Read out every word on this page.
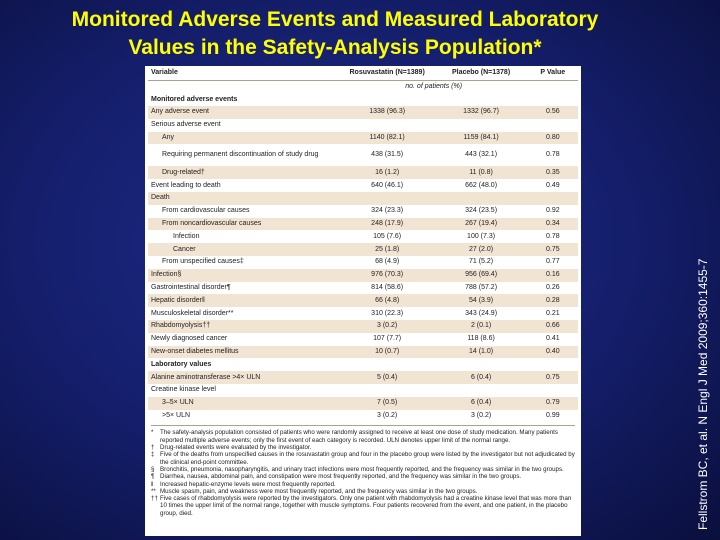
Monitored Adverse Events and Measured Laboratory
Values in the Safety-Analysis Population*
Variable	Rosuvastatin (N=1389)	Placebo (N=1378)	P Value
	no. of patients (%)		
Monitored adverse events			
Any adverse event	1338 (96.3)	1332 (96.7)	0.56
Serious adverse event			
Any	1140 (82.1)	1159 (84.1)	0.80
Requiring permanent discontinuation of study drug	438 (31.5)	443 (32.1)	0.78
Drug-related†	16 (1.2)	11 (0.8)	0.35
Event leading to death	640 (46.1)	662 (48.0)	0.49
Death			
From cardiovascular causes	324 (23.3)	324 (23.5)	0.92
From noncardiovascular causes	248 (17.9)	267 (19.4)	0.34
Infection	105 (7.6)	100 (7.3)	0.78
Cancer	25 (1.8)	27 (2.0)	0.75
From unspecified causes‡	68 (4.9)	71 (5.2)	0.77
Infection§	976 (70.3)	956 (69.4)	0.16
Gastrointestinal disorder¶	814 (58.6)	788 (57.2)	0.26
Hepatic disorder‖	66 (4.8)	54 (3.9)	0.28
Musculoskeletal disorder**	310 (22.3)	343 (24.9)	0.21
Rhabdomyolysis††	3 (0.2)	2 (0.1)	0.66
Newly diagnosed cancer	107 (7.7)	118 (8.6)	0.41
New-onset diabetes mellitus	10 (0.7)	14 (1.0)	0.40
Laboratory values			
Alanine aminotransferase >4× ULN	5 (0.4)	6 (0.4)	0.75
Creatine kinase level			
3–5× ULN	7 (0.5)	6 (0.4)	0.79
>5× ULN	3 (0.2)	3 (0.2)	0.99
*	The safety-analysis population consisted of patients who were randomly assigned to receive at least one dose of study medication. Many patients reported multiple adverse events; only the first event of each category is recorded. ULN denotes upper limit of the normal range.
† Drug-related events were evaluated by the investigator.
‡ Five of the deaths from unspecified causes in the rosuvastatin group and four in the placebo group were listed by the investigator but not adjudicated by the clinical end-point committee.
§ Bronchitis, pneumonia, nasopharyngitis, and urinary tract infections were most frequently reported, and the frequency was similar in the two groups.
¶ Diarrhea, nausea, abdominal pain, and constipation were most frequently reported, and the frequency was similar in the two groups.
‖	Increased hepatic-enzyme levels were most frequently reported.
** Muscle spasm, pain, and weakness were most frequently reported, and the frequency was similar in the two groups.
†† Five cases of rhabdomyolysis were reported by the investigators. Only one patient with rhabdomyolysis had a creatine kinase level that was more than 10 times the upper limit of the normal range, together with muscle symptoms. Four patients recovered from the event, and one patient, in the placebo group, died.	Fellstrom BC, et al. N Engl J Med 2009;360:1455-7
